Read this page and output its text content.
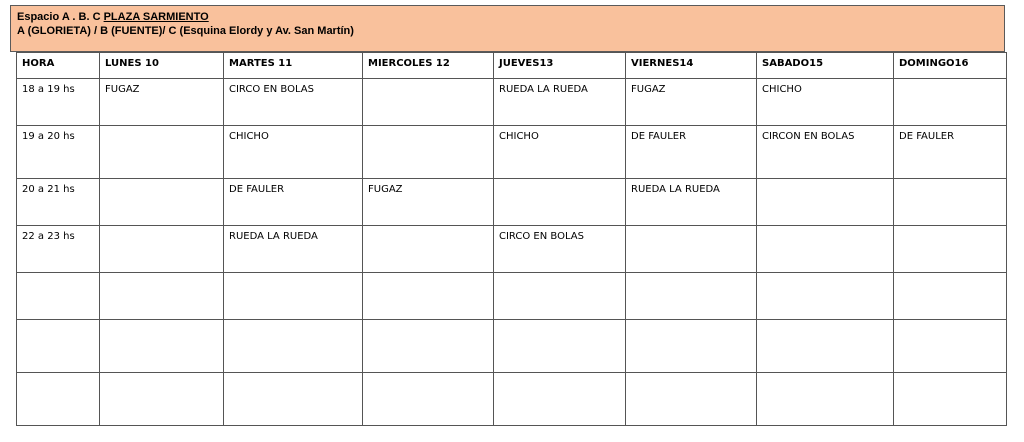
Espacio A . B. C PLAZA SARMIENTO
A (GLORIETA) / B (FUENTE)/ C (Esquina Elordy y Av. San Martín)
HORA	LUNES 10	MARTES 11	MIERCOLES 12	JUEVES13	VIERNES14	SABADO15	DOMINGO16
18 a 19 hs	FUGAZ	CIRCO EN BOLAS		RUEDA LA RUEDA	FUGAZ	CHICHO	
19 a 20 hs		CHICHO		CHICHO	DE FAULER	CIRCON EN BOLAS	DE FAULER
20 a 21 hs		DE FAULER	FUGAZ		RUEDA LA RUEDA		
22 a 23 hs		RUEDA LA RUEDA		CIRCO EN BOLAS			
